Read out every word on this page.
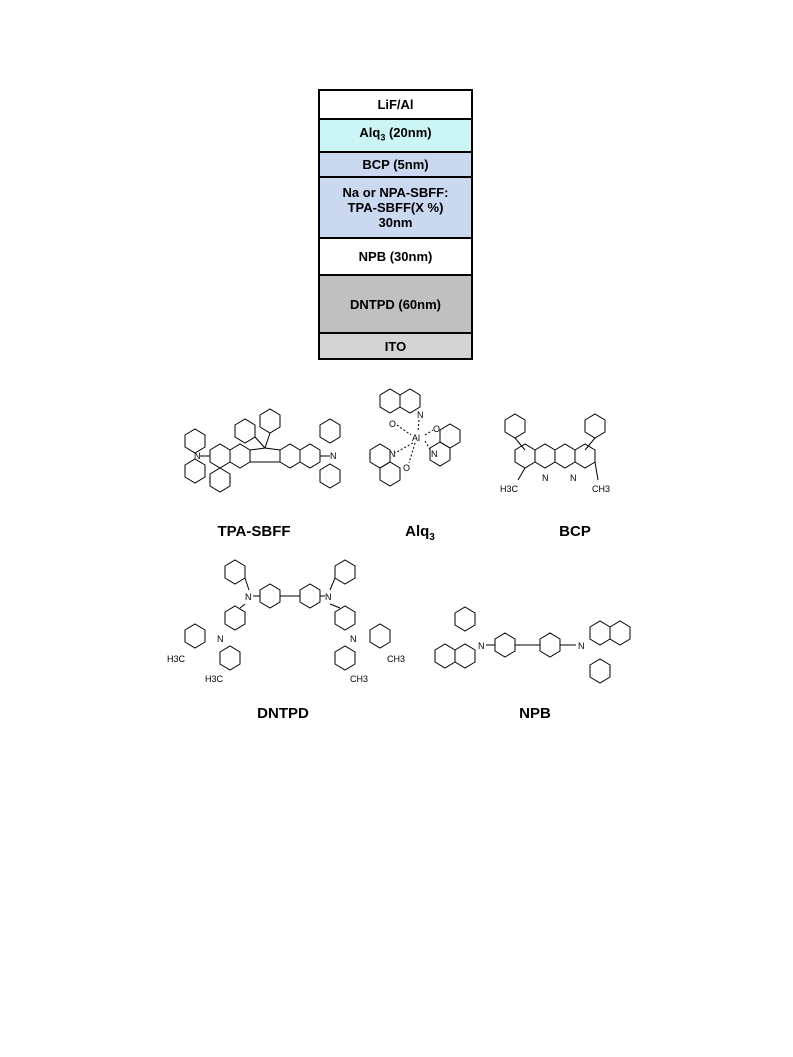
LiF/Al
Alq$_3$ (20nm)
BCP (5nm)
Na or NPA-SBFF:
TPA-SBFF(X %)
30nm
NPB (30nm)
DNTPD (60nm)
ITO
N	N
N
O
Al
O
N
N
O
N N
H3C	CH3
N	N
N	N
H3C
H3C
CH3
CH3
N	N
TPA-SBFF	Alq$_3$	BCP
DNTPD	NPB
